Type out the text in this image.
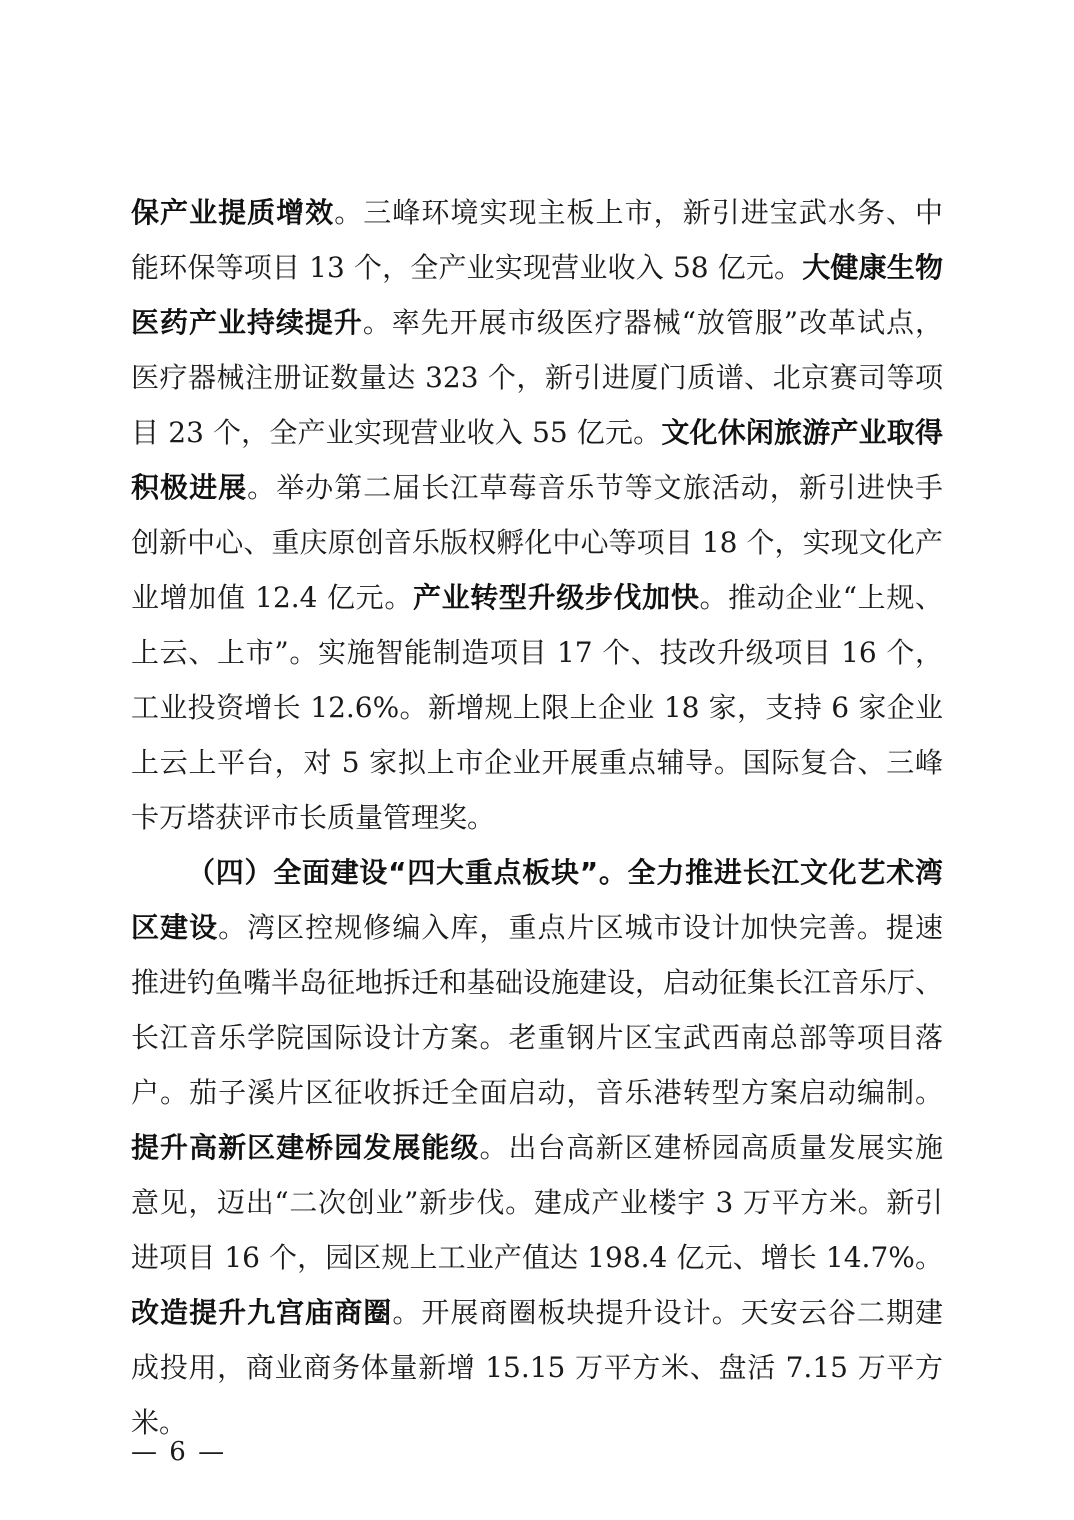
保产业提质增效。三峰环境实现主板上市，新引进宝武水务、中能环保等项目 13 个，全产业实现营业收入 58 亿元。大健康生物医药产业持续提升。率先开展市级医疗器械“放管服”改革试点，医疗器械注册证数量达 323 个，新引进厦门质谱、北京赛司等项目 23 个，全产业实现营业收入 55 亿元。文化休闲旅游产业取得积极进展。举办第二届长江草莓音乐节等文旅活动，新引进快手创新中心、重庆原创音乐版权孵化中心等项目 18 个，实现文化产业增加值 12.4 亿元。产业转型升级步伐加快。推动企业“上规、上云、上市”。实施智能制造项目 17 个、技改升级项目 16 个，工业投资增长 12.6%。新增规上限上企业 18 家，支持 6 家企业上云上平台，对 5 家拟上市企业开展重点辅导。国际复合、三峰卡万塔获评市长质量管理奖。

（四）全面建设“四大重点板块”。全力推进长江文化艺术湾区建设。湾区控规修编入库，重点片区城市设计加快完善。提速推进钓鱼嘴半岛征地拆迁和基础设施建设，启动征集长江音乐厅、长江音乐学院国际设计方案。老重钢片区宝武西南总部等项目落户。茄子溪片区征收拆迁全面启动，音乐港转型方案启动编制。提升高新区建桥园发展能级。出台高新区建桥园高质量发展实施意见，迈出“二次创业”新步伐。建成产业楼宇 3 万平方米。新引进项目 16 个，园区规上工业产值达 198.4 亿元、增长 14.7%。改造提升九宫庙商圈。开展商圈板块提升设计。天安云谷二期建成投用，商业商务体量新增 15.15 万平方米、盘活 7.15 万平方米。

— 6 —
